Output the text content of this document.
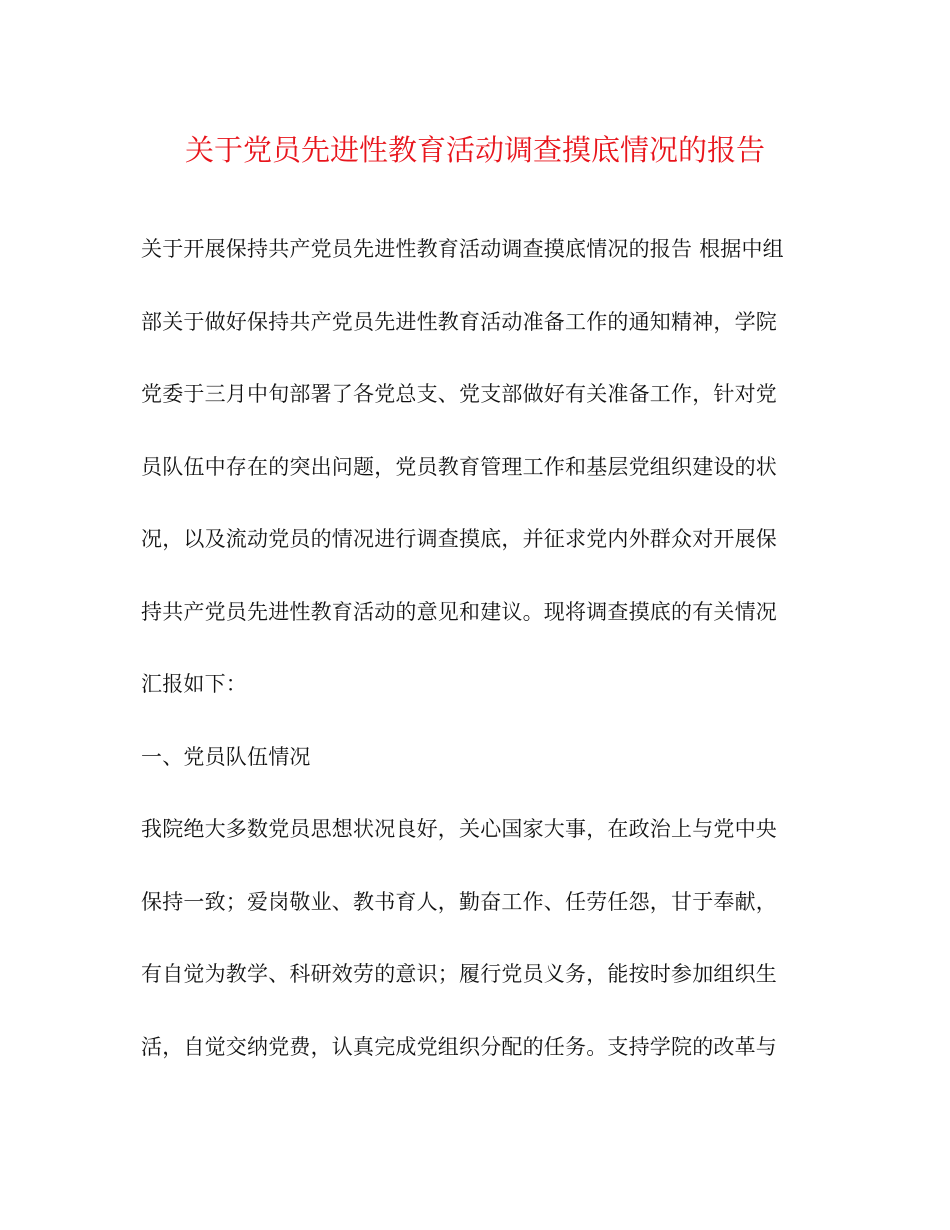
关于党员先进性教育活动调查摸底情况的报告
关于开展保持共产党员先进性教育活动调查摸底情况的报告 根据中组
部关于做好保持共产党员先进性教育活动准备工作的通知精神，学院
党委于三月中旬部署了各党总支、党支部做好有关准备工作，针对党
员队伍中存在的突出问题，党员教育管理工作和基层党组织建设的状
况，以及流动党员的情况进行调查摸底，并征求党内外群众对开展保
持共产党员先进性教育活动的意见和建议。现将调查摸底的有关情况
汇报如下：
一、党员队伍情况
我院绝大多数党员思想状况良好，关心国家大事，在政治上与党中央
保持一致；爱岗敬业、教书育人，勤奋工作、任劳任怨，甘于奉献，
有自觉为教学、科研效劳的意识；履行党员义务，能按时参加组织生
活，自觉交纳党费，认真完成党组织分配的任务。支持学院的改革与
